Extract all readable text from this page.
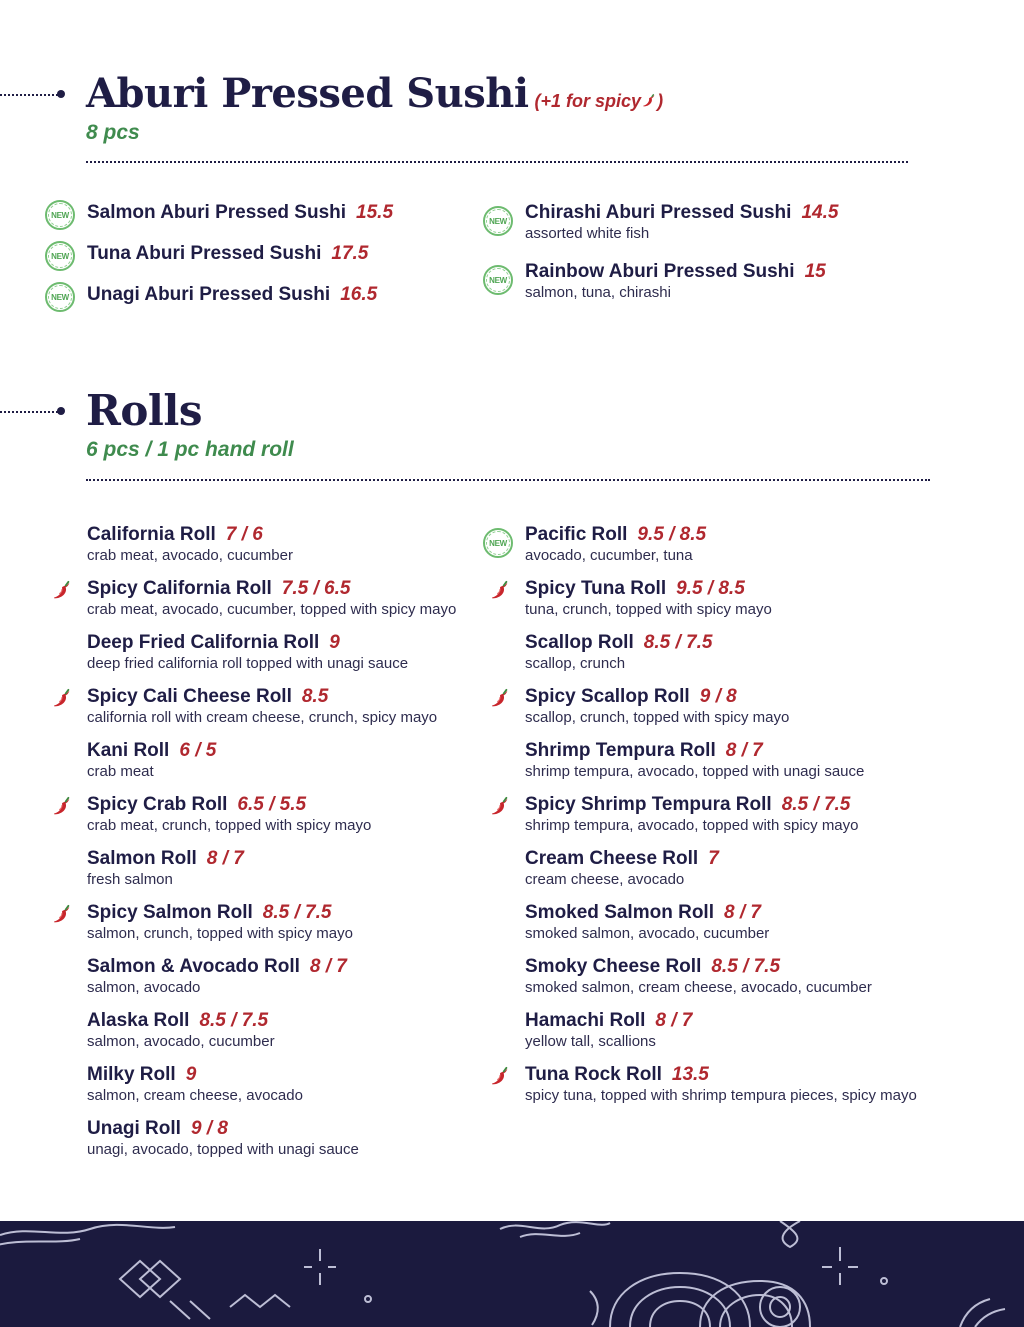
Aburi Pressed Sushi (+1 for spicy )

8 pcs

Salmon Aburi Pressed Sushi 15.5
NEW
Tuna Aburi Pressed Sushi 17.5
NEW
Unagi Aburi Pressed Sushi 16.5
NEW
Chirashi Aburi Pressed Sushi 14.5
assorted white fish
NEW
Rainbow Aburi Pressed Sushi 15
salmon, tuna, chirashi
NEW
Rolls

6 pcs / 1 pc hand roll

California Roll 7 / 6
crab meat, avocado, cucumber
Spicy California Roll 7.5 / 6.5
crab meat, avocado, cucumber, topped with spicy mayo
Deep Fried California Roll 9
deep fried california roll topped with unagi sauce
Spicy Cali Cheese Roll 8.5
california roll with cream cheese, crunch, spicy mayo
Kani Roll 6 / 5
crab meat
Spicy Crab Roll 6.5 / 5.5
crab meat, crunch, topped with spicy mayo
Salmon Roll 8 / 7
fresh salmon
Spicy Salmon Roll 8.5 / 7.5
salmon, crunch, topped with spicy mayo
Salmon & Avocado Roll 8 / 7
salmon, avocado
Alaska Roll 8.5 / 7.5
salmon, avocado, cucumber
Milky Roll 9
salmon, cream cheese, avocado
Unagi Roll 9 / 8
unagi, avocado, topped with unagi sauce
Pacific Roll 9.5 / 8.5
avocado, cucumber, tuna
NEW
Spicy Tuna Roll 9.5 / 8.5
tuna, crunch, topped with spicy mayo
Scallop Roll 8.5 / 7.5
scallop, crunch
Spicy Scallop Roll 9 / 8
scallop, crunch, topped with spicy mayo
Shrimp Tempura Roll 8 / 7
shrimp tempura, avocado, topped with unagi sauce
Spicy Shrimp Tempura Roll 8.5 / 7.5
shrimp tempura, avocado, topped with spicy mayo
Cream Cheese Roll 7
cream cheese, avocado
Smoked Salmon Roll 8 / 7
smoked salmon, avocado, cucumber
Smoky Cheese Roll 8.5 / 7.5
smoked salmon, cream cheese, avocado, cucumber
Hamachi Roll 8 / 7
yellow tall, scallions
Tuna Rock Roll 13.5
spicy tuna, topped with shrimp tempura pieces, spicy mayo
